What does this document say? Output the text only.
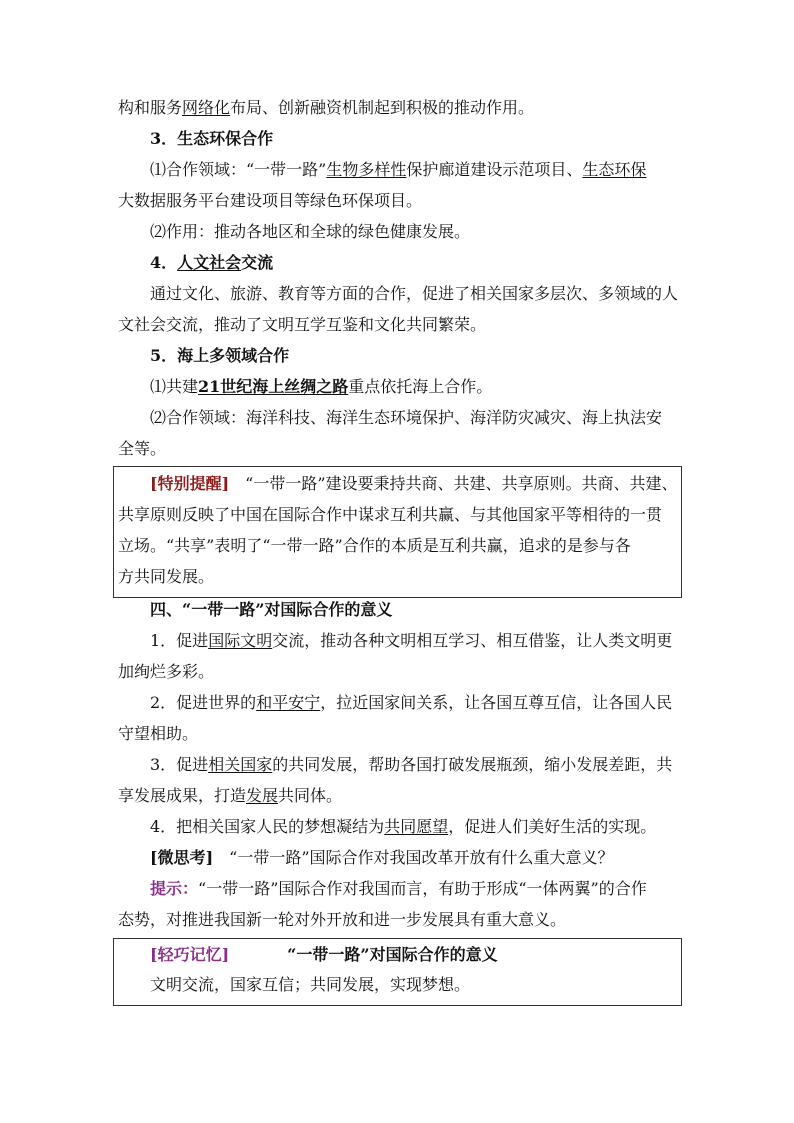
构和服务网络化布局、创新融资机制起到积极的推动作用。
3．生态环保合作
⑴合作领域：“一带一路”生物多样性保护廊道建设示范项目、生态环保
大数据服务平台建设项目等绿色环保项目。
⑵作用：推动各地区和全球的绿色健康发展。
4．人文社会交流
通过文化、旅游、教育等方面的合作，促进了相关国家多层次、多领域的人
文社会交流，推动了文明互学互鉴和文化共同繁荣。
5．海上多领域合作
⑴共建21世纪海上丝绸之路重点依托海上合作。
⑵合作领域：海洋科技、海洋生态环境保护、海洋防灾减灾、海上执法安
全等。
[特别提醒]　“一带一路”建设要秉持共商、共建、共享原则。共商、共建、
共享原则反映了中国在国际合作中谋求互利共赢、与其他国家平等相待的一贯
立场。“共享”表明了“一带一路”合作的本质是互利共赢，追求的是参与各
方共同发展。
四、“一带一路”对国际合作的意义
1．促进国际文明交流，推动各种文明相互学习、相互借鉴，让人类文明更
加绚烂多彩。
2．促进世界的和平安宁，拉近国家间关系，让各国互尊互信，让各国人民
守望相助。
3．促进相关国家的共同发展，帮助各国打破发展瓶颈，缩小发展差距，共
享发展成果，打造发展共同体。
4．把相关国家人民的梦想凝结为共同愿望，促进人们美好生活的实现。
[微思考]　“一带一路”国际合作对我国改革开放有什么重大意义？
提示：“一带一路”国际合作对我国而言，有助于形成“一体两翼”的合作
态势，对推进我国新一轮对外开放和进一步发展具有重大意义。
[轻巧记忆]	“一带一路”对国际合作的意义
文明交流，国家互信；共同发展，实现梦想。
